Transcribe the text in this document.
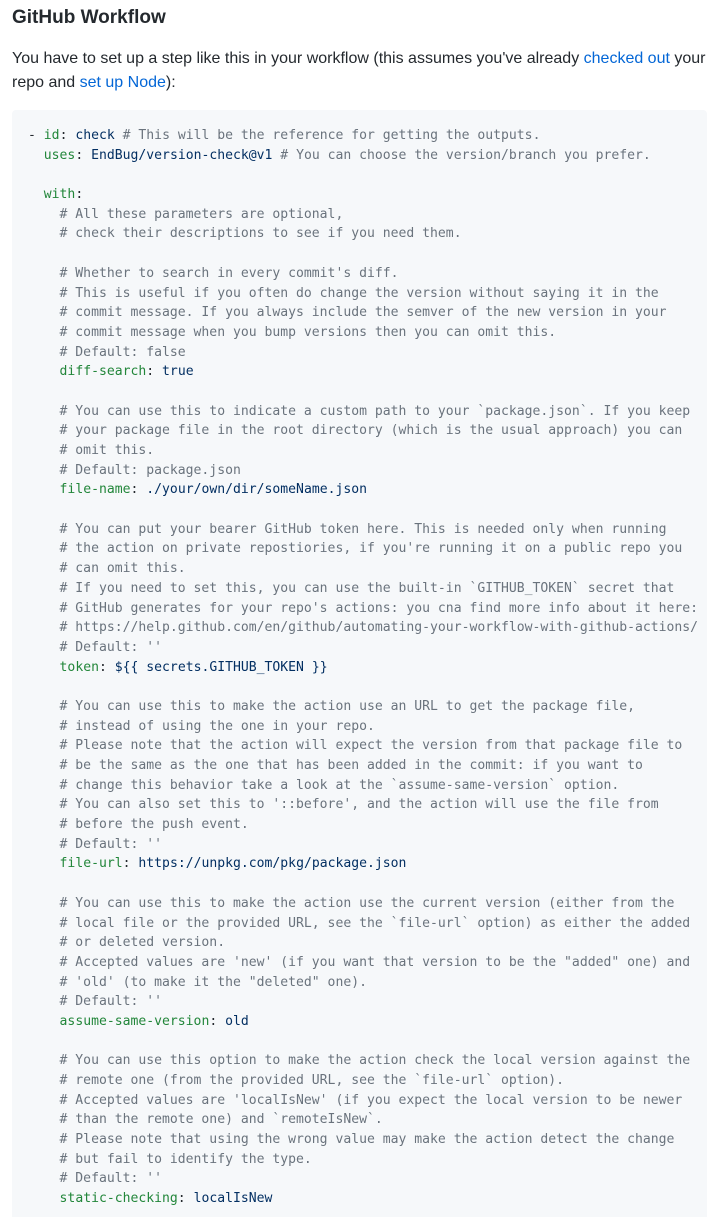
GitHub Workflow

You have to set up a step like this in your workflow (this assumes you've already checked out your repo and set up Node):

- id: check # This will be the reference for getting the outputs.
uses: EndBug/version-check@v1 # You can choose the version/branch you prefer.
with:
# All these parameters are optional,
# check their descriptions to see if you need them.
# Whether to search in every commit's diff.
# This is useful if you often do change the version without saying it in the
# commit message. If you always include the semver of the new version in your
# commit message when you bump versions then you can omit this.
# Default: false
diff-search: true
# You can use this to indicate a custom path to your `package.json`. If you keep
# your package file in the root directory (which is the usual approach) you can
# omit this.
# Default: package.json
file-name: ./your/own/dir/someName.json
# You can put your bearer GitHub token here. This is needed only when running
# the action on private repostiories, if you're running it on a public repo you
# can omit this.
# If you need to set this, you can use the built-in `GITHUB_TOKEN` secret that
# GitHub generates for your repo's actions: you cna find more info about it here:
# https://help.github.com/en/github/automating-your-workflow-with-github-actions/
# Default: ''
token: ${{ secrets.GITHUB_TOKEN }}
# You can use this to make the action use an URL to get the package file,
# instead of using the one in your repo.
# Please note that the action will expect the version from that package file to
# be the same as the one that has been added in the commit: if you want to
# change this behavior take a look at the `assume-same-version` option.
# You can also set this to '::before', and the action will use the file from
# before the push event.
# Default: ''
file-url: https://unpkg.com/pkg/package.json
# You can use this to make the action use the current version (either from the
# local file or the provided URL, see the `file-url` option) as either the added
# or deleted version.
# Accepted values are 'new' (if you want that version to be the "added" one) and
# 'old' (to make it the "deleted" one).
# Default: ''
assume-same-version: old
# You can use this option to make the action check the local version against the
# remote one (from the provided URL, see the `file-url` option).
# Accepted values are 'localIsNew' (if you expect the local version to be newer
# than the remote one) and `remoteIsNew`.
# Please note that using the wrong value may make the action detect the change
# but fail to identify the type.
# Default: ''
static-checking: localIsNew
